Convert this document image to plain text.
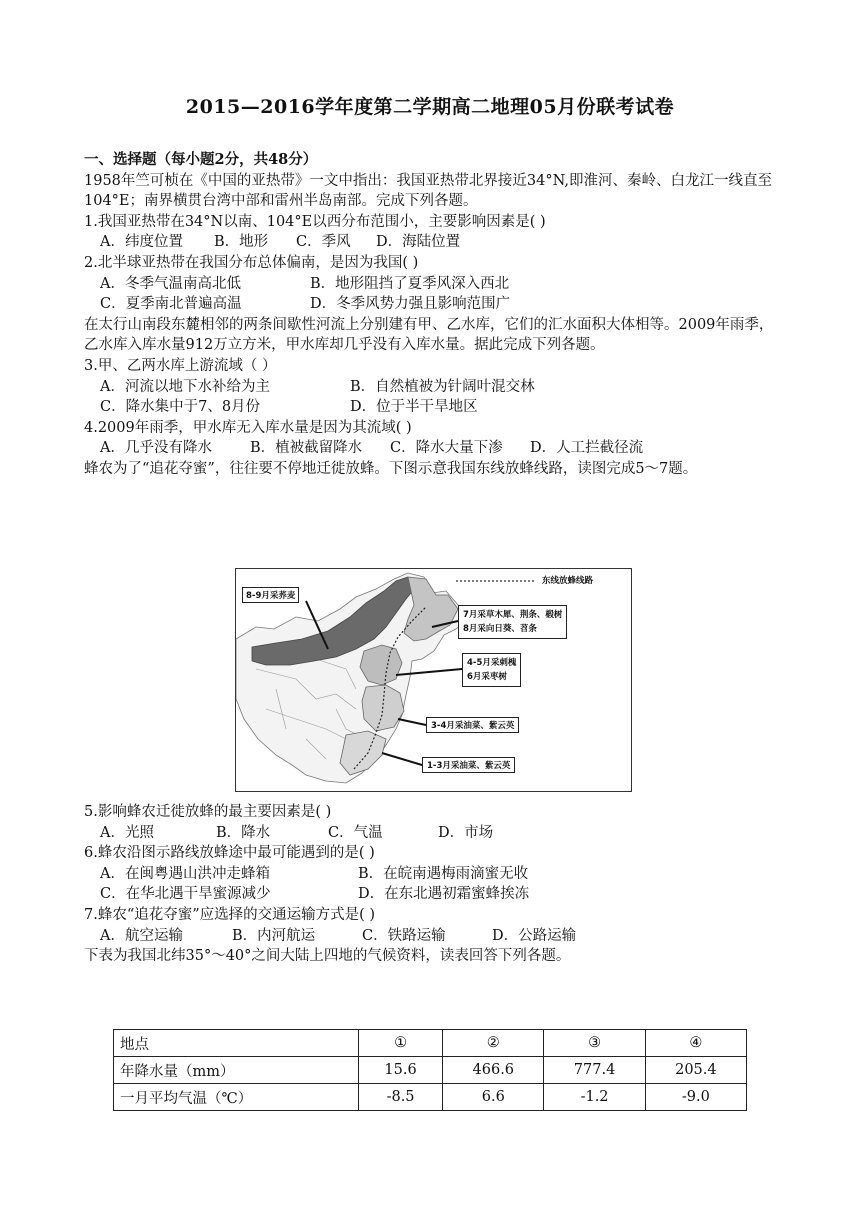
2015—2016学年度第二学期高二地理05月份联考试卷
一、选择题（每小题2分，共48分）
1958年竺可桢在《中国的亚热带》一文中指出：我国亚热带北界接近34°N,即淮河、秦岭、白龙江一线直至104°E；南界横贯台湾中部和雷州半岛南部。完成下列各题。
1.我国亚热带在34°N以南、104°E以西分布范围小，主要影响因素是( )
A．纬度位置	B．地形	C．季风	D．海陆位置
2.北半球亚热带在我国分布总体偏南，是因为我国( )
A．冬季气温南高北低	B．地形阻挡了夏季风深入西北
C．夏季南北普遍高温	D．冬季风势力强且影响范围广
在太行山南段东麓相邻的两条间歇性河流上分别建有甲、乙水库，它们的汇水面积大体相等。2009年雨季，乙水库入库水量912万立方米，甲水库却几乎没有入库水量。据此完成下列各题。
3.甲、乙两水库上游流域（ ）
A．河流以地下水补给为主	B．自然植被为针阔叶混交林
C．降水集中于7、8月份	D．位于半干旱地区
4.2009年雨季，甲水库无入库水量是因为其流域( )
A．几乎没有降水	B．植被截留降水	C．降水大量下渗	D．人工拦截径流
蜂农为了“追花夺蜜”，往往要不停地迁徙放蜂。下图示意我国东线放蜂线路，读图完成5～7题。
东线放蜂线路
8-9月采荞麦
7月采草木犀、荆条、椴树
8月采向日葵、苕条
4-5月采刺槐
6月采枣树
3-4月采油菜、紫云英
1-3月采油菜、紫云英
5.影响蜂农迁徙放蜂的最主要因素是( )
A．光照	B．降水	C．气温	D．市场
6.蜂农沿图示路线放蜂途中最可能遇到的是( )
A．在闽粤遇山洪冲走蜂箱	B．在皖南遇梅雨滴蜜无收
C．在华北遇干旱蜜源减少	D．在东北遇初霜蜜蜂挨冻
7.蜂农“追花夺蜜”应选择的交通运输方式是( )
A．航空运输	B．内河航运	C．铁路运输	D．公路运输
下表为我国北纬35°～40°之间大陆上四地的气候资料，读表回答下列各题。
地点	①	②	③	④
年降水量（mm）	15.6	466.6	777.4	205.4
一月平均气温（℃）	-8.5	6.6	-1.2	-9.0
